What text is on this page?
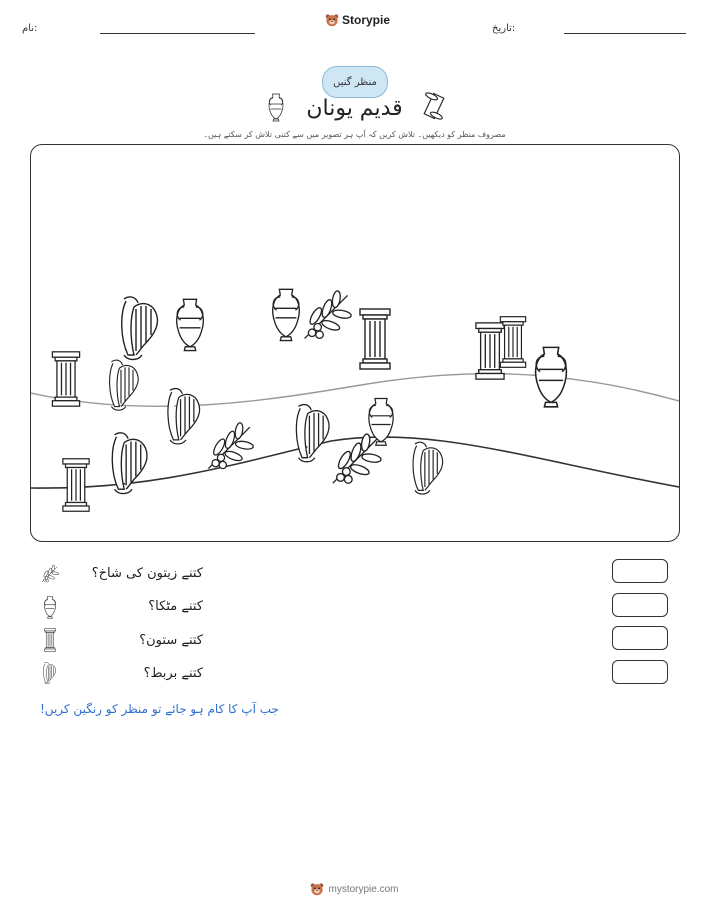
نام:
Storypie
تاریخ:
منظر گنیں
قدیم یونان
مصروف منظر کو دیکھیں۔ تلاش کریں کہ آپ ہر تصویر میں سے کتنی تلاش کر سکتے ہیں۔
کتنے زیتون کی شاخ؟
کتنے مٹکا؟
کتنے ستون؟
کتنے بربط؟
جب آپ کا کام ہو جائے تو منظر کو رنگین کریں!
mystorypie.com
